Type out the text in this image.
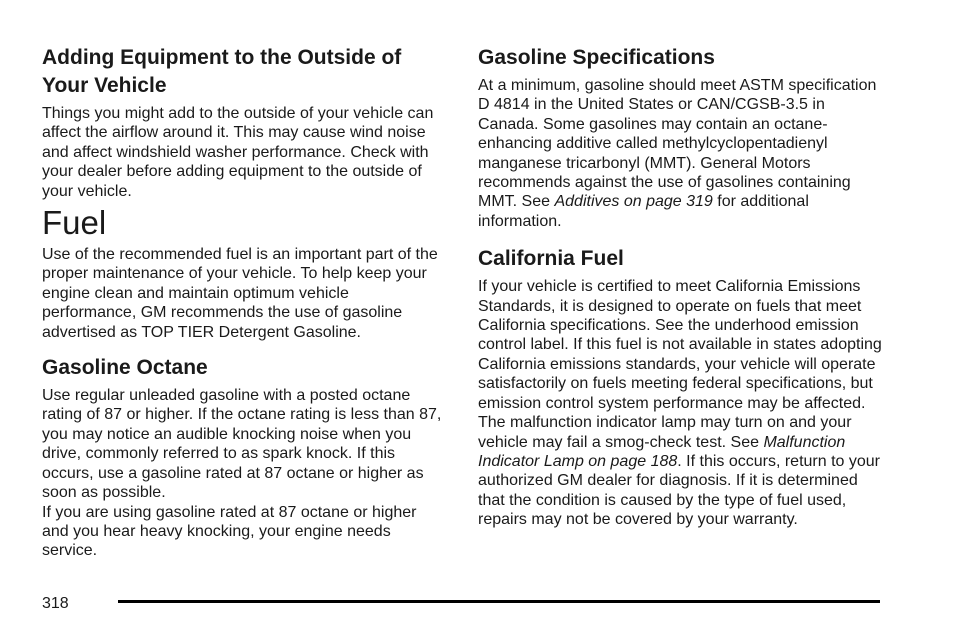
Adding Equipment to the Outside of Your Vehicle

Things you might add to the outside of your vehicle can affect the airflow around it. This may cause wind noise and affect windshield washer performance. Check with your dealer before adding equipment to the outside of your vehicle.

Fuel

Use of the recommended fuel is an important part of the proper maintenance of your vehicle. To help keep your engine clean and maintain optimum vehicle performance, GM recommends the use of gasoline advertised as TOP TIER Detergent Gasoline.

Gasoline Octane

Use regular unleaded gasoline with a posted octane rating of 87 or higher. If the octane rating is less than 87, you may notice an audible knocking noise when you drive, commonly referred to as spark knock. If this occurs, use a gasoline rated at 87 octane or higher as soon as possible.

If you are using gasoline rated at 87 octane or higher and you hear heavy knocking, your engine needs service.

Gasoline Specifications

At a minimum, gasoline should meet ASTM specification D 4814 in the United States or CAN/CGSB-3.5 in Canada. Some gasolines may contain an octane-enhancing additive called methylcyclopentadienyl manganese tricarbonyl (MMT). General Motors recommends against the use of gasolines containing MMT. See Additives on page 319 for additional information.

California Fuel

If your vehicle is certified to meet California Emissions Standards, it is designed to operate on fuels that meet California specifications. See the underhood emission control label. If this fuel is not available in states adopting California emissions standards, your vehicle will operate satisfactorily on fuels meeting federal specifications, but emission control system performance may be affected. The malfunction indicator lamp may turn on and your vehicle may fail a smog-check test. See Malfunction Indicator Lamp on page 188. If this occurs, return to your authorized GM dealer for diagnosis. If it is determined that the condition is caused by the type of fuel used, repairs may not be covered by your warranty.

318
